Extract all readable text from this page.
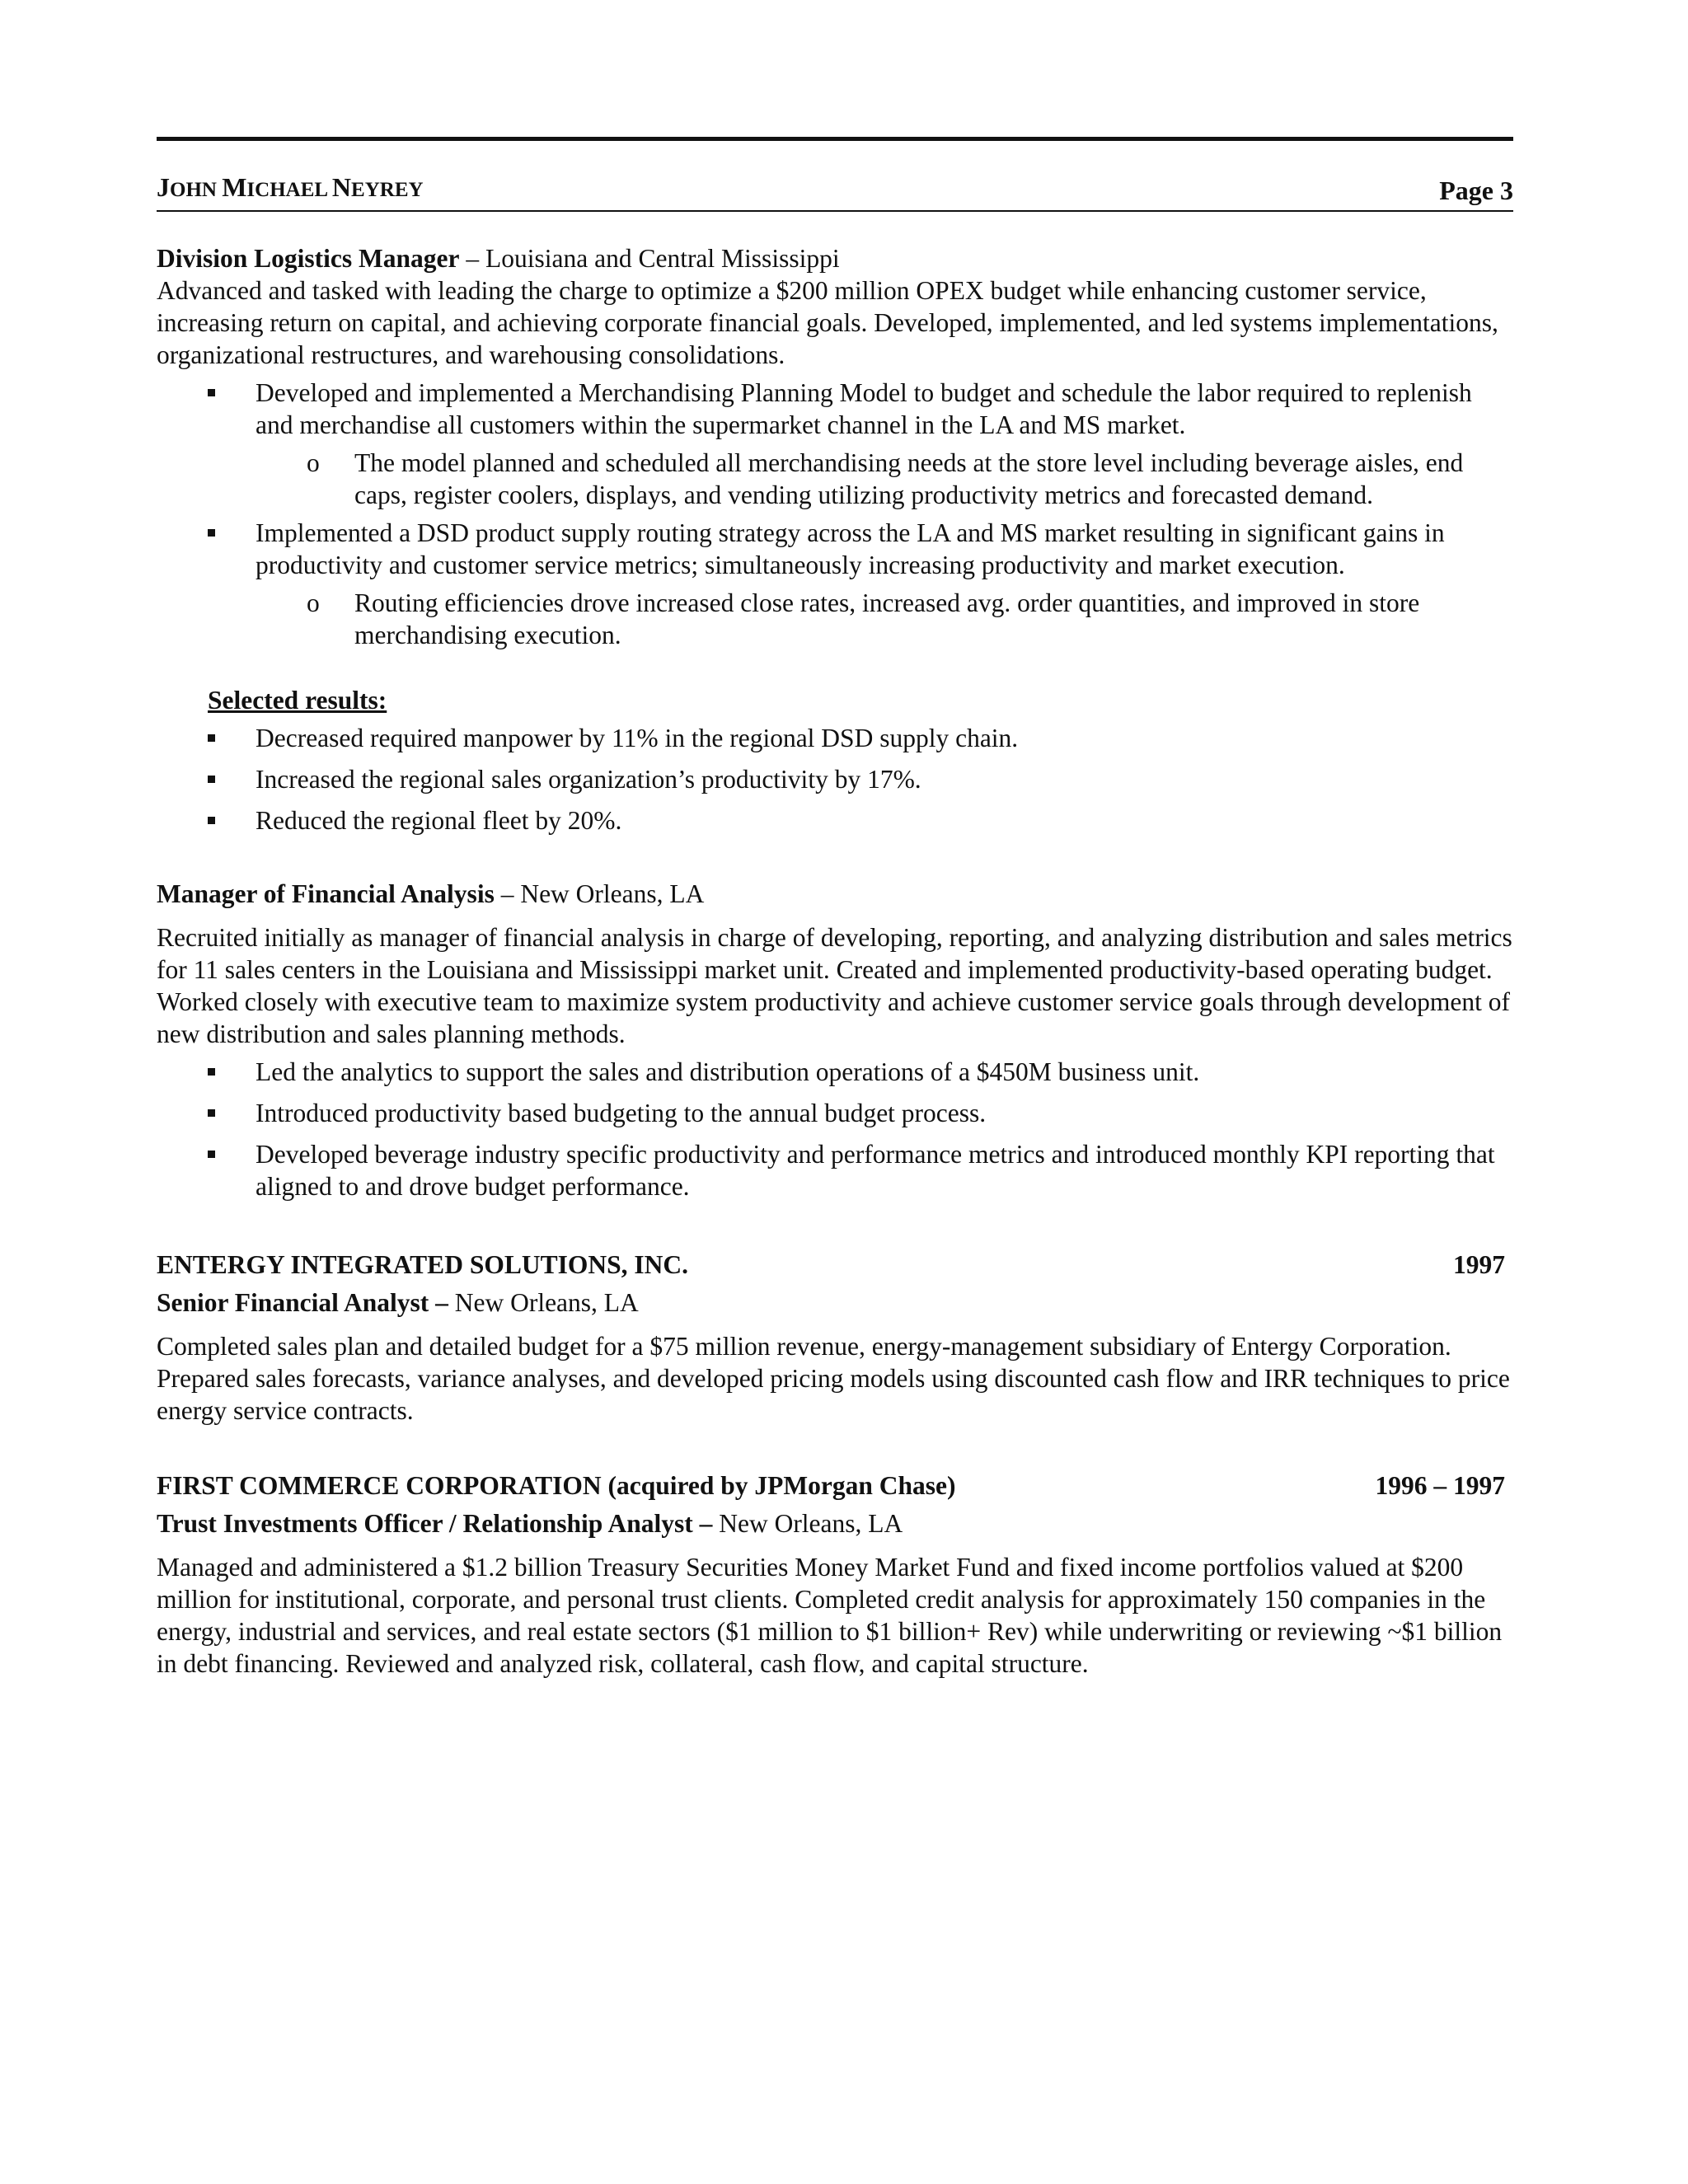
JOHN MICHAEL NEYREY	Page 3
Division Logistics Manager – Louisiana and Central Mississippi

Advanced and tasked with leading the charge to optimize a $200 million OPEX budget while enhancing customer service, increasing return on capital, and achieving corporate financial goals. Developed, implemented, and led systems implementations, organizational restructures, and warehousing consolidations.

Developed and implemented a Merchandising Planning Model to budget and schedule the labor required to replenish and merchandise all customers within the supermarket channel in the LA and MS market.
o The model planned and scheduled all merchandising needs at the store level including beverage aisles, end caps, register coolers, displays, and vending utilizing productivity metrics and forecasted demand.
Implemented a DSD product supply routing strategy across the LA and MS market resulting in significant gains in productivity and customer service metrics; simultaneously increasing productivity and market execution.
o Routing efficiencies drove increased close rates, increased avg. order quantities, and improved in store merchandising execution.
Selected results:
Decreased required manpower by 11% in the regional DSD supply chain.
Increased the regional sales organization’s productivity by 17%.
Reduced the regional fleet by 20%.
Manager of Financial Analysis – New Orleans, LA

Recruited initially as manager of financial analysis in charge of developing, reporting, and analyzing distribution and sales metrics for 11 sales centers in the Louisiana and Mississippi market unit. Created and implemented productivity-based operating budget. Worked closely with executive team to maximize system productivity and achieve customer service goals through development of new distribution and sales planning methods.

Led the analytics to support the sales and distribution operations of a $450M business unit.
Introduced productivity based budgeting to the annual budget process.
Developed beverage industry specific productivity and performance metrics and introduced monthly KPI reporting that aligned to and drove budget performance.
ENTERGY INTEGRATED SOLUTIONS, INC.	1997
Senior Financial Analyst – New Orleans, LA

Completed sales plan and detailed budget for a $75 million revenue, energy-management subsidiary of Entergy Corporation. Prepared sales forecasts, variance analyses, and developed pricing models using discounted cash flow and IRR techniques to price energy service contracts.

FIRST COMMERCE CORPORATION (acquired by JPMorgan Chase)	1996 – 1997
Trust Investments Officer / Relationship Analyst – New Orleans, LA

Managed and administered a $1.2 billion Treasury Securities Money Market Fund and fixed income portfolios valued at $200 million for institutional, corporate, and personal trust clients. Completed credit analysis for approximately 150 companies in the energy, industrial and services, and real estate sectors ($1 million to $1 billion+ Rev) while underwriting or reviewing ~$1 billion in debt financing. Reviewed and analyzed risk, collateral, cash flow, and capital structure.
